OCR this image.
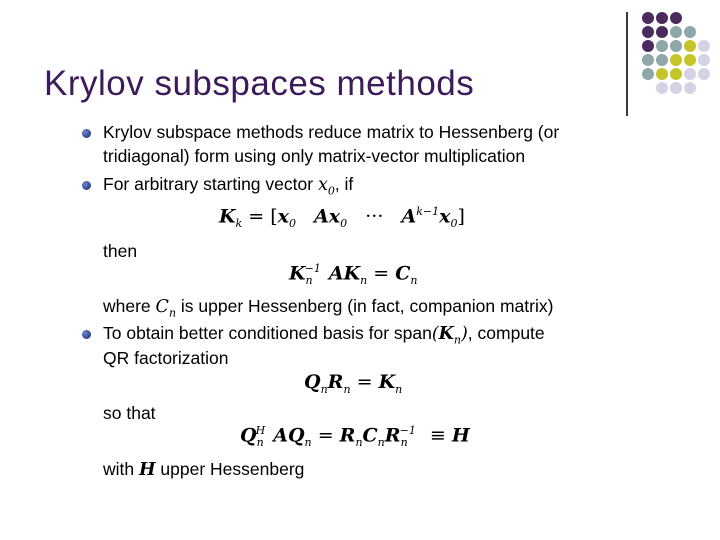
Krylov subspaces methods
Krylov subspace methods reduce matrix to Hessenberg (or
tridiagonal) form using only matrix-vector multiplication
For arbitrary starting vector $x_0$, if
$K_k = [x_0$ $Ax_0$ ··· $A^{k-1}x_0$]
then
$K_n^{-1}$ $AK_n = C_n$
where $C_n$ is upper Hessenberg (in fact, companion matrix)
To obtain better conditioned basis for $span(K_n)$, compute
QR factorization
$Q_nR_n = K_n$
so that
$Q_n^H$ $AQ_n = R_nC_nR_n^{-1} \equiv H$
with H upper Hessenberg
